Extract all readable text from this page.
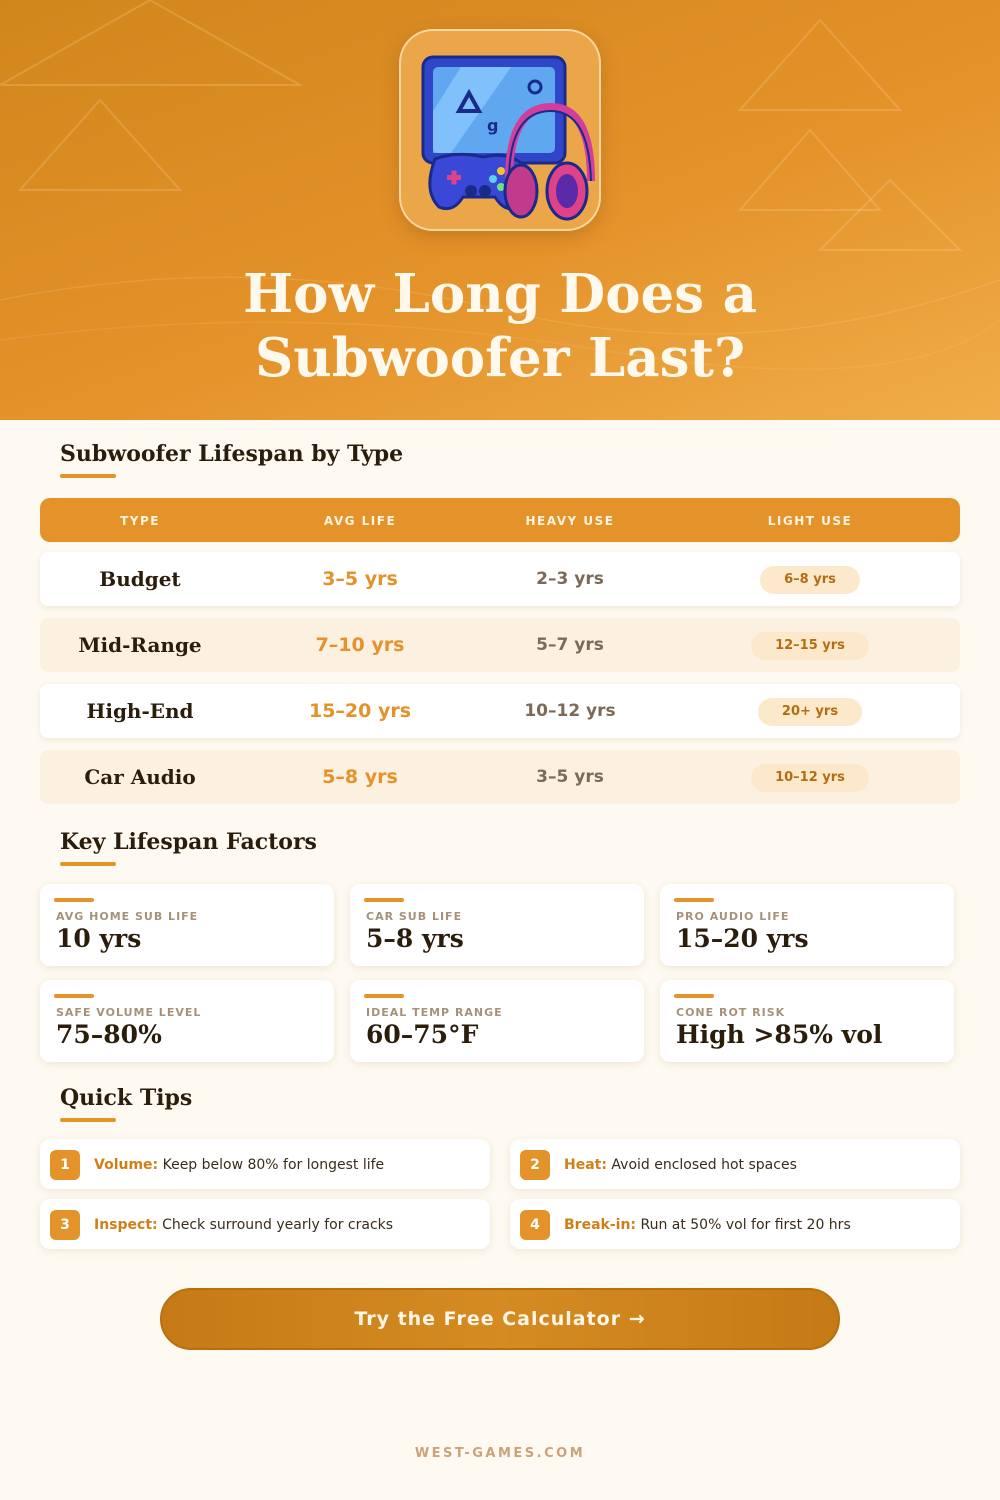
g
How Long Does a
Subwoofer Last?
Subwoofer Lifespan by Type
TYPE	AVG LIFE	HEAVY USE	LIGHT USE
Budget	3–5 yrs	2–3 yrs	6–8 yrs
Mid-Range	7–10 yrs	5–7 yrs	12–15 yrs
High-End	15–20 yrs	10–12 yrs	20+ yrs
Car Audio	5–8 yrs	3–5 yrs	10–12 yrs
Key Lifespan Factors
AVG HOME SUB LIFE
10 yrs
CAR SUB LIFE
5–8 yrs
PRO AUDIO LIFE
15–20 yrs
SAFE VOLUME LEVEL
75–80%
IDEAL TEMP RANGE
60–75°F
CONE ROT RISK
High >85% vol
Quick Tips
1	Volume: Keep below 80% for longest life	2	Heat: Avoid enclosed hot spaces
3	Inspect: Check surround yearly for cracks	4	Break-in: Run at 50% vol for first 20 hrs
Try the Free Calculator →
WEST-GAMES.COM
